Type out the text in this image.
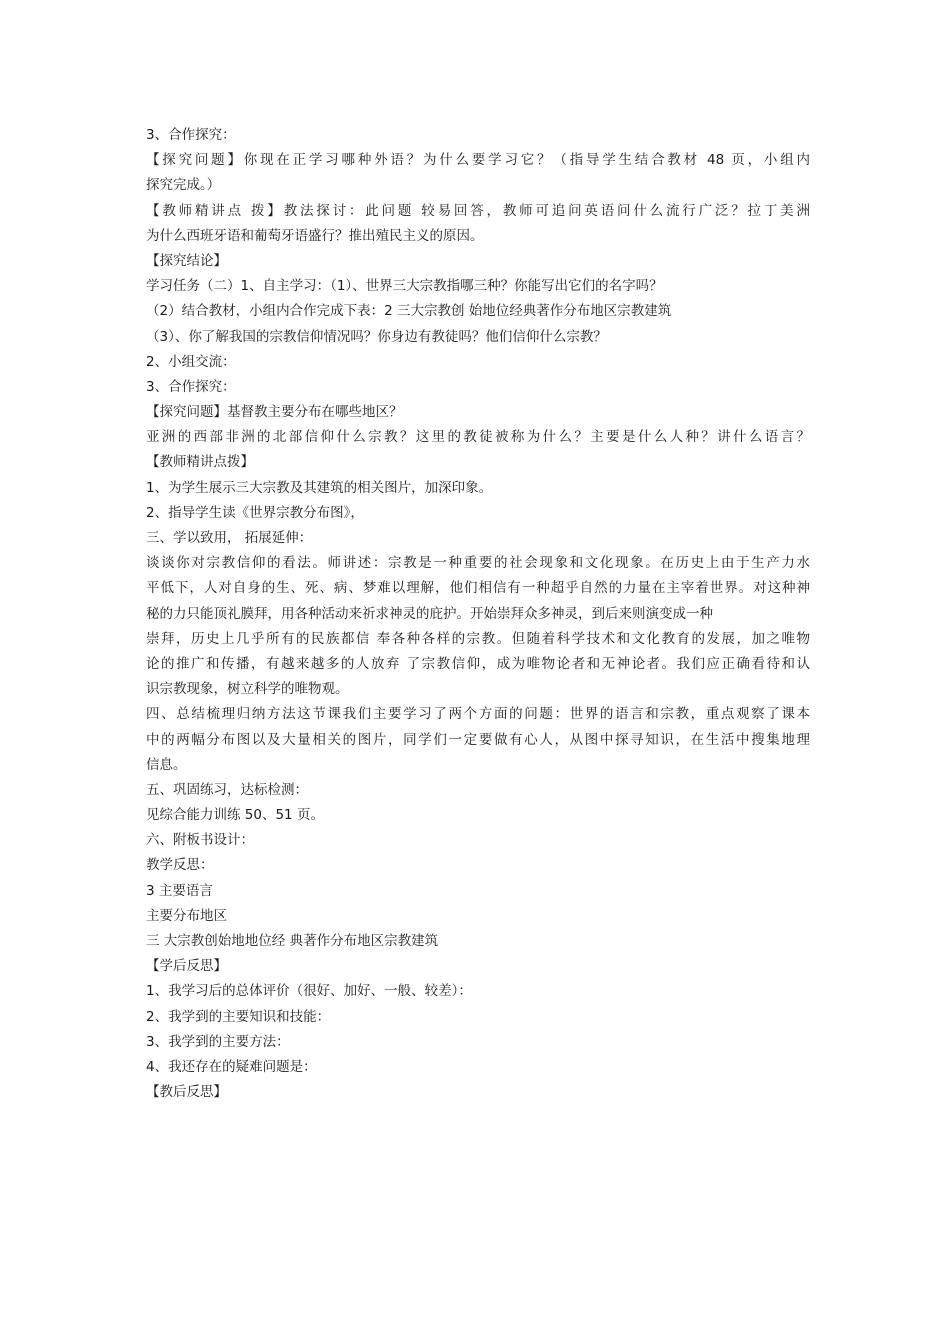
3、合作探究：
【探究问题】你现在正学习哪种外语？为什么要学习它？（指导学生结合教材 48 页，小组内
探究完成。）
【教师精讲点 拨】教法探讨：此问题 较易回答，教师可追问英语问什么流行广泛？拉丁美洲
为什么西班牙语和葡萄牙语盛行？推出殖民主义的原因。
【探究结论】
学习任务（二）1、自主学习：（1）、世界三大宗教指哪三种？你能写出它们的名字吗？
（2）结合教材，小组内合作完成下表：2 三大宗教创 始地位经典著作分布地区宗教建筑
（3）、你了解我国的宗教信仰情况吗？你身边有教徒吗？他们信仰什么宗教？
2、小组交流：
3、合作探究：
【探究问题】基督教主要分布在哪些地区？
亚洲的西部非洲的北部信仰什么宗教？这里的教徒被称为什么？主要是什么人种？讲什么语言？
【教师精讲点拨】
1、为学生展示三大宗教及其建筑的相关图片，加深印象。
2、指导学生读《世界宗教分布图》，
三、学以致用， 拓展延伸：
谈谈你对宗教信仰的看法。师讲述：宗教是一种重要的社会现象和文化现象。在历史上由于生产力水
平低下，人对自身的生、死、病、梦难以理解，他们相信有一种超乎自然的力量在主宰着世界。对这种神
秘的力只能顶礼膜拜，用各种活动来祈求神灵的庇护。开始崇拜众多神灵，到后来则演变成一种
崇拜，历史上几乎所有的民族都信 奉各种各样的宗教。但随着科学技术和文化教育的发展，加之唯物
论的推广和传播，有越来越多的人放弃 了宗教信仰，成为唯物论者和无神论者。我们应正确看待和认
识宗教现象，树立科学的唯物观。
四、总结梳理归纳方法这节课我们主要学习了两个方面的问题：世界的语言和宗教，重点观察了课本
中的两幅分布图以及大量相关的图片，同学们一定要做有心人，从图中探寻知识，在生活中搜集地理
信息。
五、巩固练习，达标检测：
见综合能力训练 50、51 页。
六、附板书设计：
教学反思：
3 主要语言
主要分布地区
三 大宗教创始地地位经 典著作分布地区宗教建筑
【学后反思】
1、我学习后的总体评价（很好、加好、一般、较差）：
2、我学到的主要知识和技能：
3、我学到的主要方法：
4、我还存在的疑难问题是：
【教后反思】
